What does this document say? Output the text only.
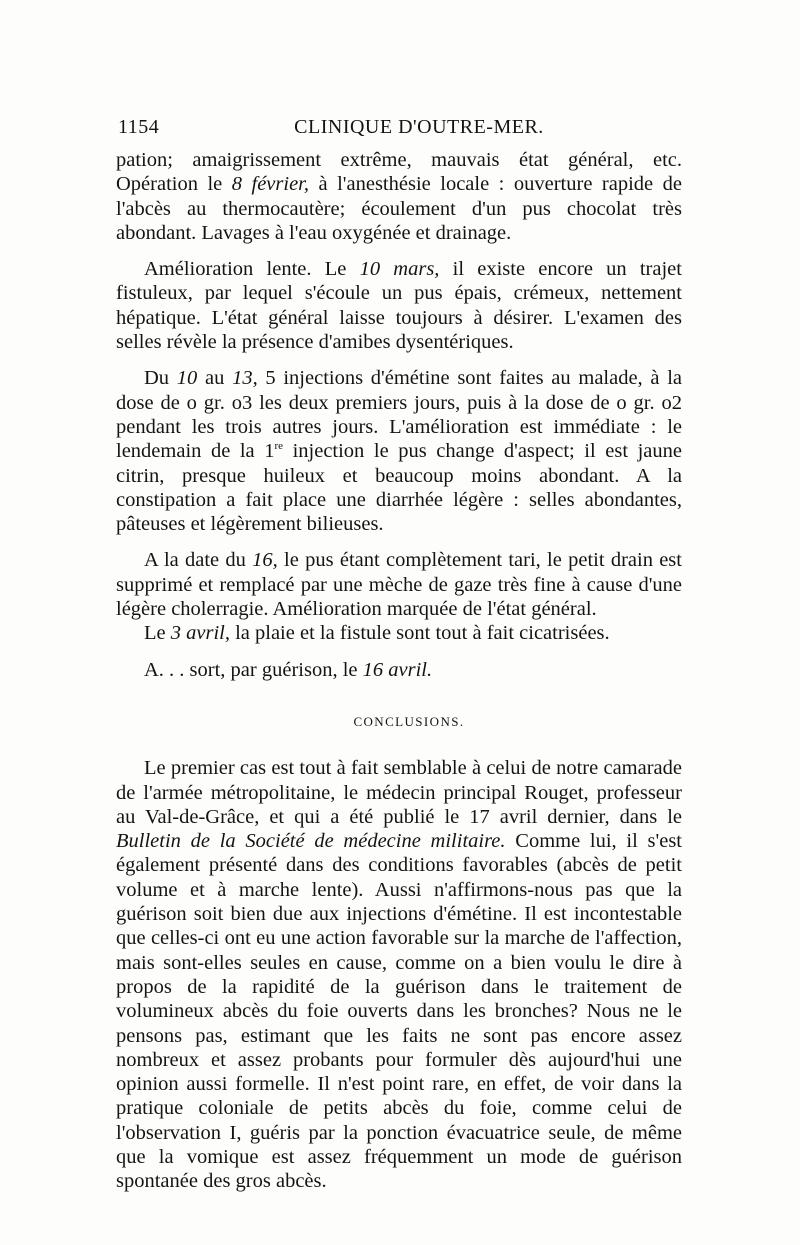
1154	CLINIQUE D'OUTRE-MER.

pation; amaigrissement extrême, mauvais état général, etc. Opération le 8 février, à l'anesthésie locale : ouverture rapide de l'abcès au thermocautère; écoulement d'un pus chocolat très abondant. Lavages à l'eau oxygénée et drainage.

Amélioration lente. Le 10 mars, il existe encore un trajet fistuleux, par lequel s'écoule un pus épais, crémeux, nettement hépatique. L'état général laisse toujours à désirer. L'examen des selles révèle la présence d'amibes dysentériques.

Du 10 au 13, 5 injections d'émétine sont faites au malade, à la dose de o gr. o3 les deux premiers jours, puis à la dose de o gr. o2 pendant les trois autres jours. L'amélioration est immédiate : le lendemain de la 1re injection le pus change d'aspect; il est jaune citrin, presque huileux et beaucoup moins abondant. A la constipation a fait place une diarrhée légère : selles abondantes, pâteuses et légèrement bilieuses.

A la date du 16, le pus étant complètement tari, le petit drain est supprimé et remplacé par une mèche de gaze très fine à cause d'une légère cholerragie. Amélioration marquée de l'état général.

Le 3 avril, la plaie et la fistule sont tout à fait cicatrisées.

A. . . sort, par guérison, le 16 avril.

CONCLUSIONS.

Le premier cas est tout à fait semblable à celui de notre camarade de l'armée métropolitaine, le médecin principal Rouget, professeur au Val-de-Grâce, et qui a été publié le 17 avril dernier, dans le Bulletin de la Société de médecine militaire. Comme lui, il s'est également présenté dans des conditions favorables (abcès de petit volume et à marche lente). Aussi n'affirmons-nous pas que la guérison soit bien due aux injections d'émétine. Il est incontestable que celles-ci ont eu une action favorable sur la marche de l'affection, mais sont-elles seules en cause, comme on a bien voulu le dire à propos de la rapidité de la guérison dans le traitement de volumineux abcès du foie ouverts dans les bronches? Nous ne le pensons pas, estimant que les faits ne sont pas encore assez nombreux et assez probants pour formuler dès aujourd'hui une opinion aussi formelle. Il n'est point rare, en effet, de voir dans la pratique coloniale de petits abcès du foie, comme celui de l'observation I, guéris par la ponction évacuatrice seule, de même que la vomique est assez fréquemment un mode de guérison spontanée des gros abcès.
